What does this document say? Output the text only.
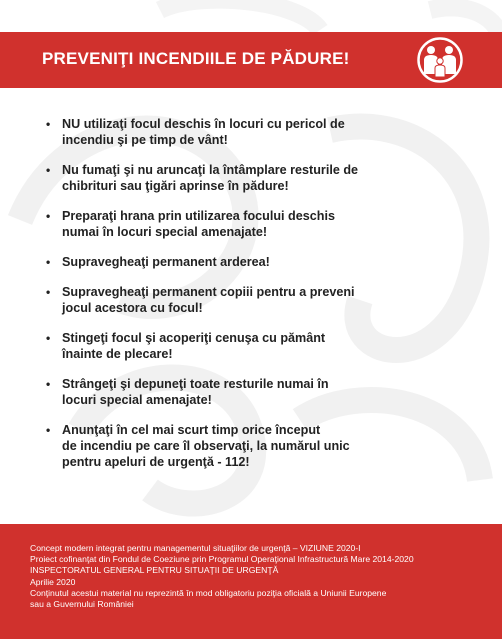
PREVENIŢI INCENDIILE DE PĂDURE!
• NU utilizaţi focul deschis în locuri cu pericol de
incendiu şi pe timp de vânt!
• Nu fumaţi şi nu aruncaţi la întâmplare resturile de
chibrituri sau ţigări aprinse în pădure!
• Preparaţi hrana prin utilizarea focului deschis
numai în locuri special amenajate!
• Supravegheaţi permanent arderea!
• Supravegheaţi permanent copiii pentru a preveni
jocul acestora cu focul!
• Stingeţi focul şi acoperiţi cenuşa cu pământ
înainte de plecare!
• Strângeţi şi depuneţi toate resturile numai în
locuri special amenajate!
• Anunţaţi în cel mai scurt timp orice început
de incendiu pe care îl observaţi, la numărul unic
pentru apeluri de urgenţă - 112!
Concept modern integrat pentru managementul situaţiilor de urgenţă – VIZIUNE 2020-I
Proiect cofinanţat din Fondul de Coeziune prin Programul Operaţional Infrastructură Mare 2014-2020
INSPECTORATUL GENERAL PENTRU SITUAŢII DE URGENŢĂ
Aprilie 2020
Conţinutul acestui material nu reprezintă în mod obligatoriu poziţia oficială a Uniunii Europene
sau a Guvernului României
